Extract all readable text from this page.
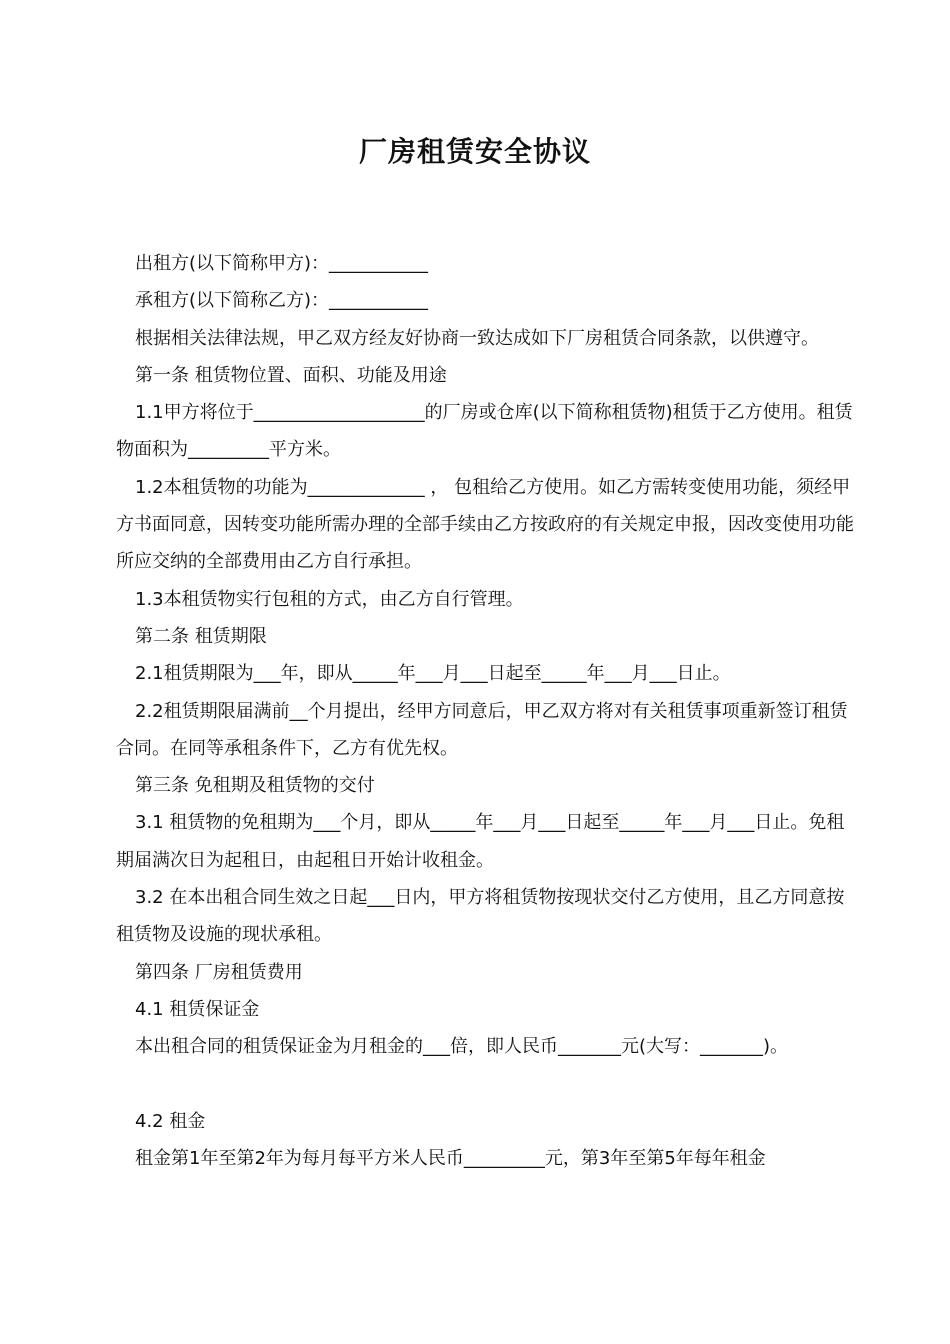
厂房租赁安全协议

出租方(以下简称甲方)：___________

承租方(以下简称乙方)：___________

根据相关法律法规，甲乙双方经友好协商一致达成如下厂房租赁合同条款，以供遵守。

第一条 租赁物位置、面积、功能及用途

1.1甲方将位于___________________的厂房或仓库(以下简称租赁物)租赁于乙方使用。租赁物面积为_________平方米。

1.2本租赁物的功能为_____________ ， 包租给乙方使用。如乙方需转变使用功能，须经甲方书面同意，因转变功能所需办理的全部手续由乙方按政府的有关规定申报，因改变使用功能所应交纳的全部费用由乙方自行承担。

1.3本租赁物实行包租的方式，由乙方自行管理。

第二条 租赁期限

2.1租赁期限为___年，即从_____年___月___日起至_____年___月___日止。

2.2租赁期限届满前__个月提出，经甲方同意后，甲乙双方将对有关租赁事项重新签订租赁合同。在同等承租条件下，乙方有优先权。

第三条 免租期及租赁物的交付

3.1 租赁物的免租期为___个月，即从_____年___月___日起至_____年___月___日止。免租期届满次日为起租日，由起租日开始计收租金。

3.2 在本出租合同生效之日起___日内，甲方将租赁物按现状交付乙方使用，且乙方同意按租赁物及设施的现状承租。

第四条 厂房租赁费用

4.1 租赁保证金

本出租合同的租赁保证金为月租金的___倍，即人民币_______元(大写：_______)。

4.2 租金

租金第1年至第2年为每月每平方米人民币_________元，第3年至第5年每年租金
